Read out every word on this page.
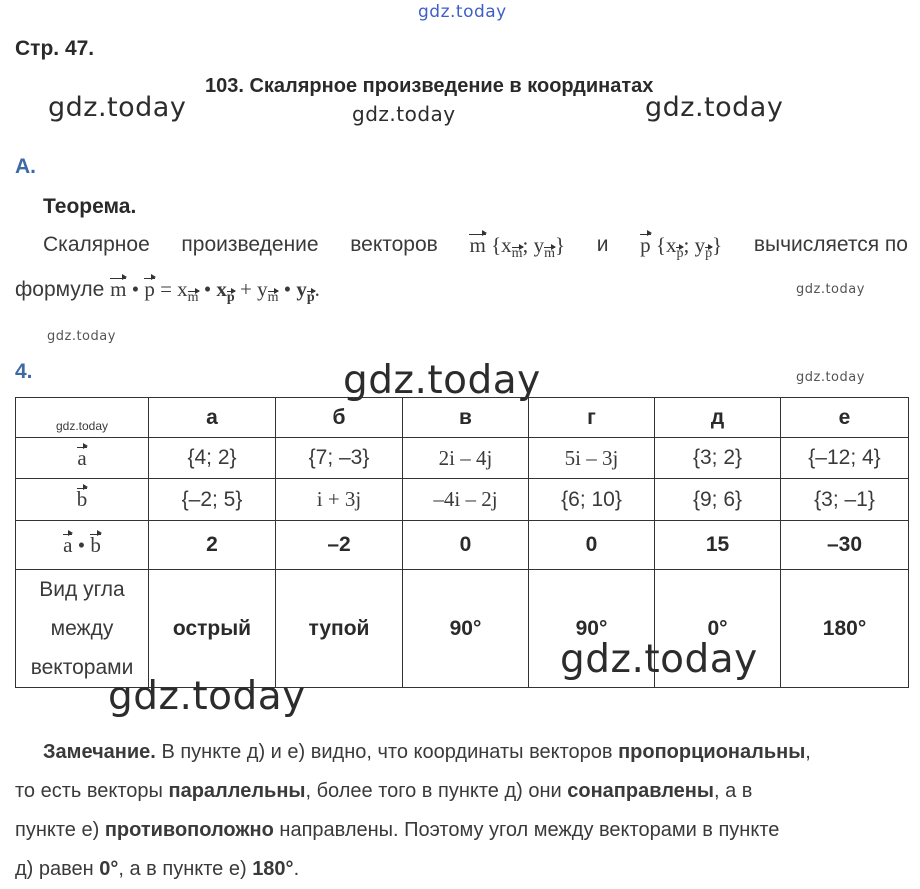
gdz.today
gdz.today	gdz.today	gdz.today
gdz.today
gdz.today
gdz.today	gdz.today
Стр. 47.
103. Скалярное произведение в координатах
А.
Теорема.
Скалярное произведение векторов m {$x_m$; $y_m$} и p {$x_p$; $y_p$} вычисляется по
формуле m • $p = x_m$ • $x_p + y_m$ • $y_p$.
4.
gdz.today	а	б	в	г	д	е
a	{4; 2}	{7; –3}	2i – 4j	5i – 3j	{3; 2}	{–12; 4}
b	{–2; 5}	i + 3j	–4i – 2j	{6; 10}	{9; 6}	{3; –1}
a • b	2	–2	0	0	15	–30

Вид угла
между
векторами	острый	тупой	90°	90°	0°	180°
gdz.today
gdz.today
Замечание. В пункте д) и е) видно, что координаты векторов пропорциональны,
то есть векторы параллельны, более того в пункте д) они сонаправлены, а в
пункте е) противоположно направлены. Поэтому угол между векторами в пункте
д) равен 0°, а в пункте е) 180°.
